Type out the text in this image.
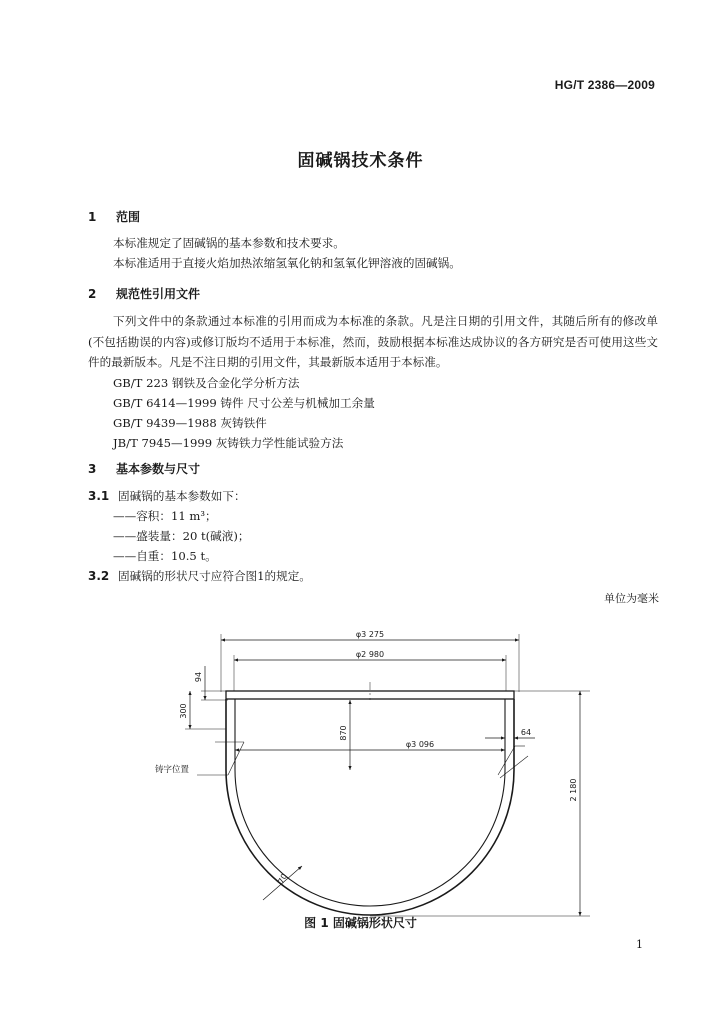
HG/T 2386—2009
固碱锅技术条件
1 范围
本标准规定了固碱锅的基本参数和技术要求。
本标准适用于直接火焰加热浓缩氢氧化钠和氢氧化钾溶液的固碱锅。
2 规范性引用文件
下列文件中的条款通过本标准的引用而成为本标准的条款。凡是注日期的引用文件，其随后所有的修改单(不包括勘误的内容)或修订版均不适用于本标准，然而，鼓励根据本标准达成协议的各方研究是否可使用这些文件的最新版本。凡是不注日期的引用文件，其最新版本适用于本标准。
GB/T 223 钢铁及合金化学分析方法
GB/T 6414—1999 铸件 尺寸公差与机械加工余量
GB/T 9439—1988 灰铸铁件
JB/T 7945—1999 灰铸铁力学性能试验方法
3 基本参数与尺寸
3.1 固碱锅的基本参数如下：
——容积：11 m³；
——盛装量：20 t(碱液)；
——自重：10.5 t。
3.2 固碱锅的形状尺寸应符合图1的规定。
单位为毫米
φ3 275
φ2 980
φ3 096
94
300
870	64
2 180
70
铸字位置
图 1 固碱锅形状尺寸
1
